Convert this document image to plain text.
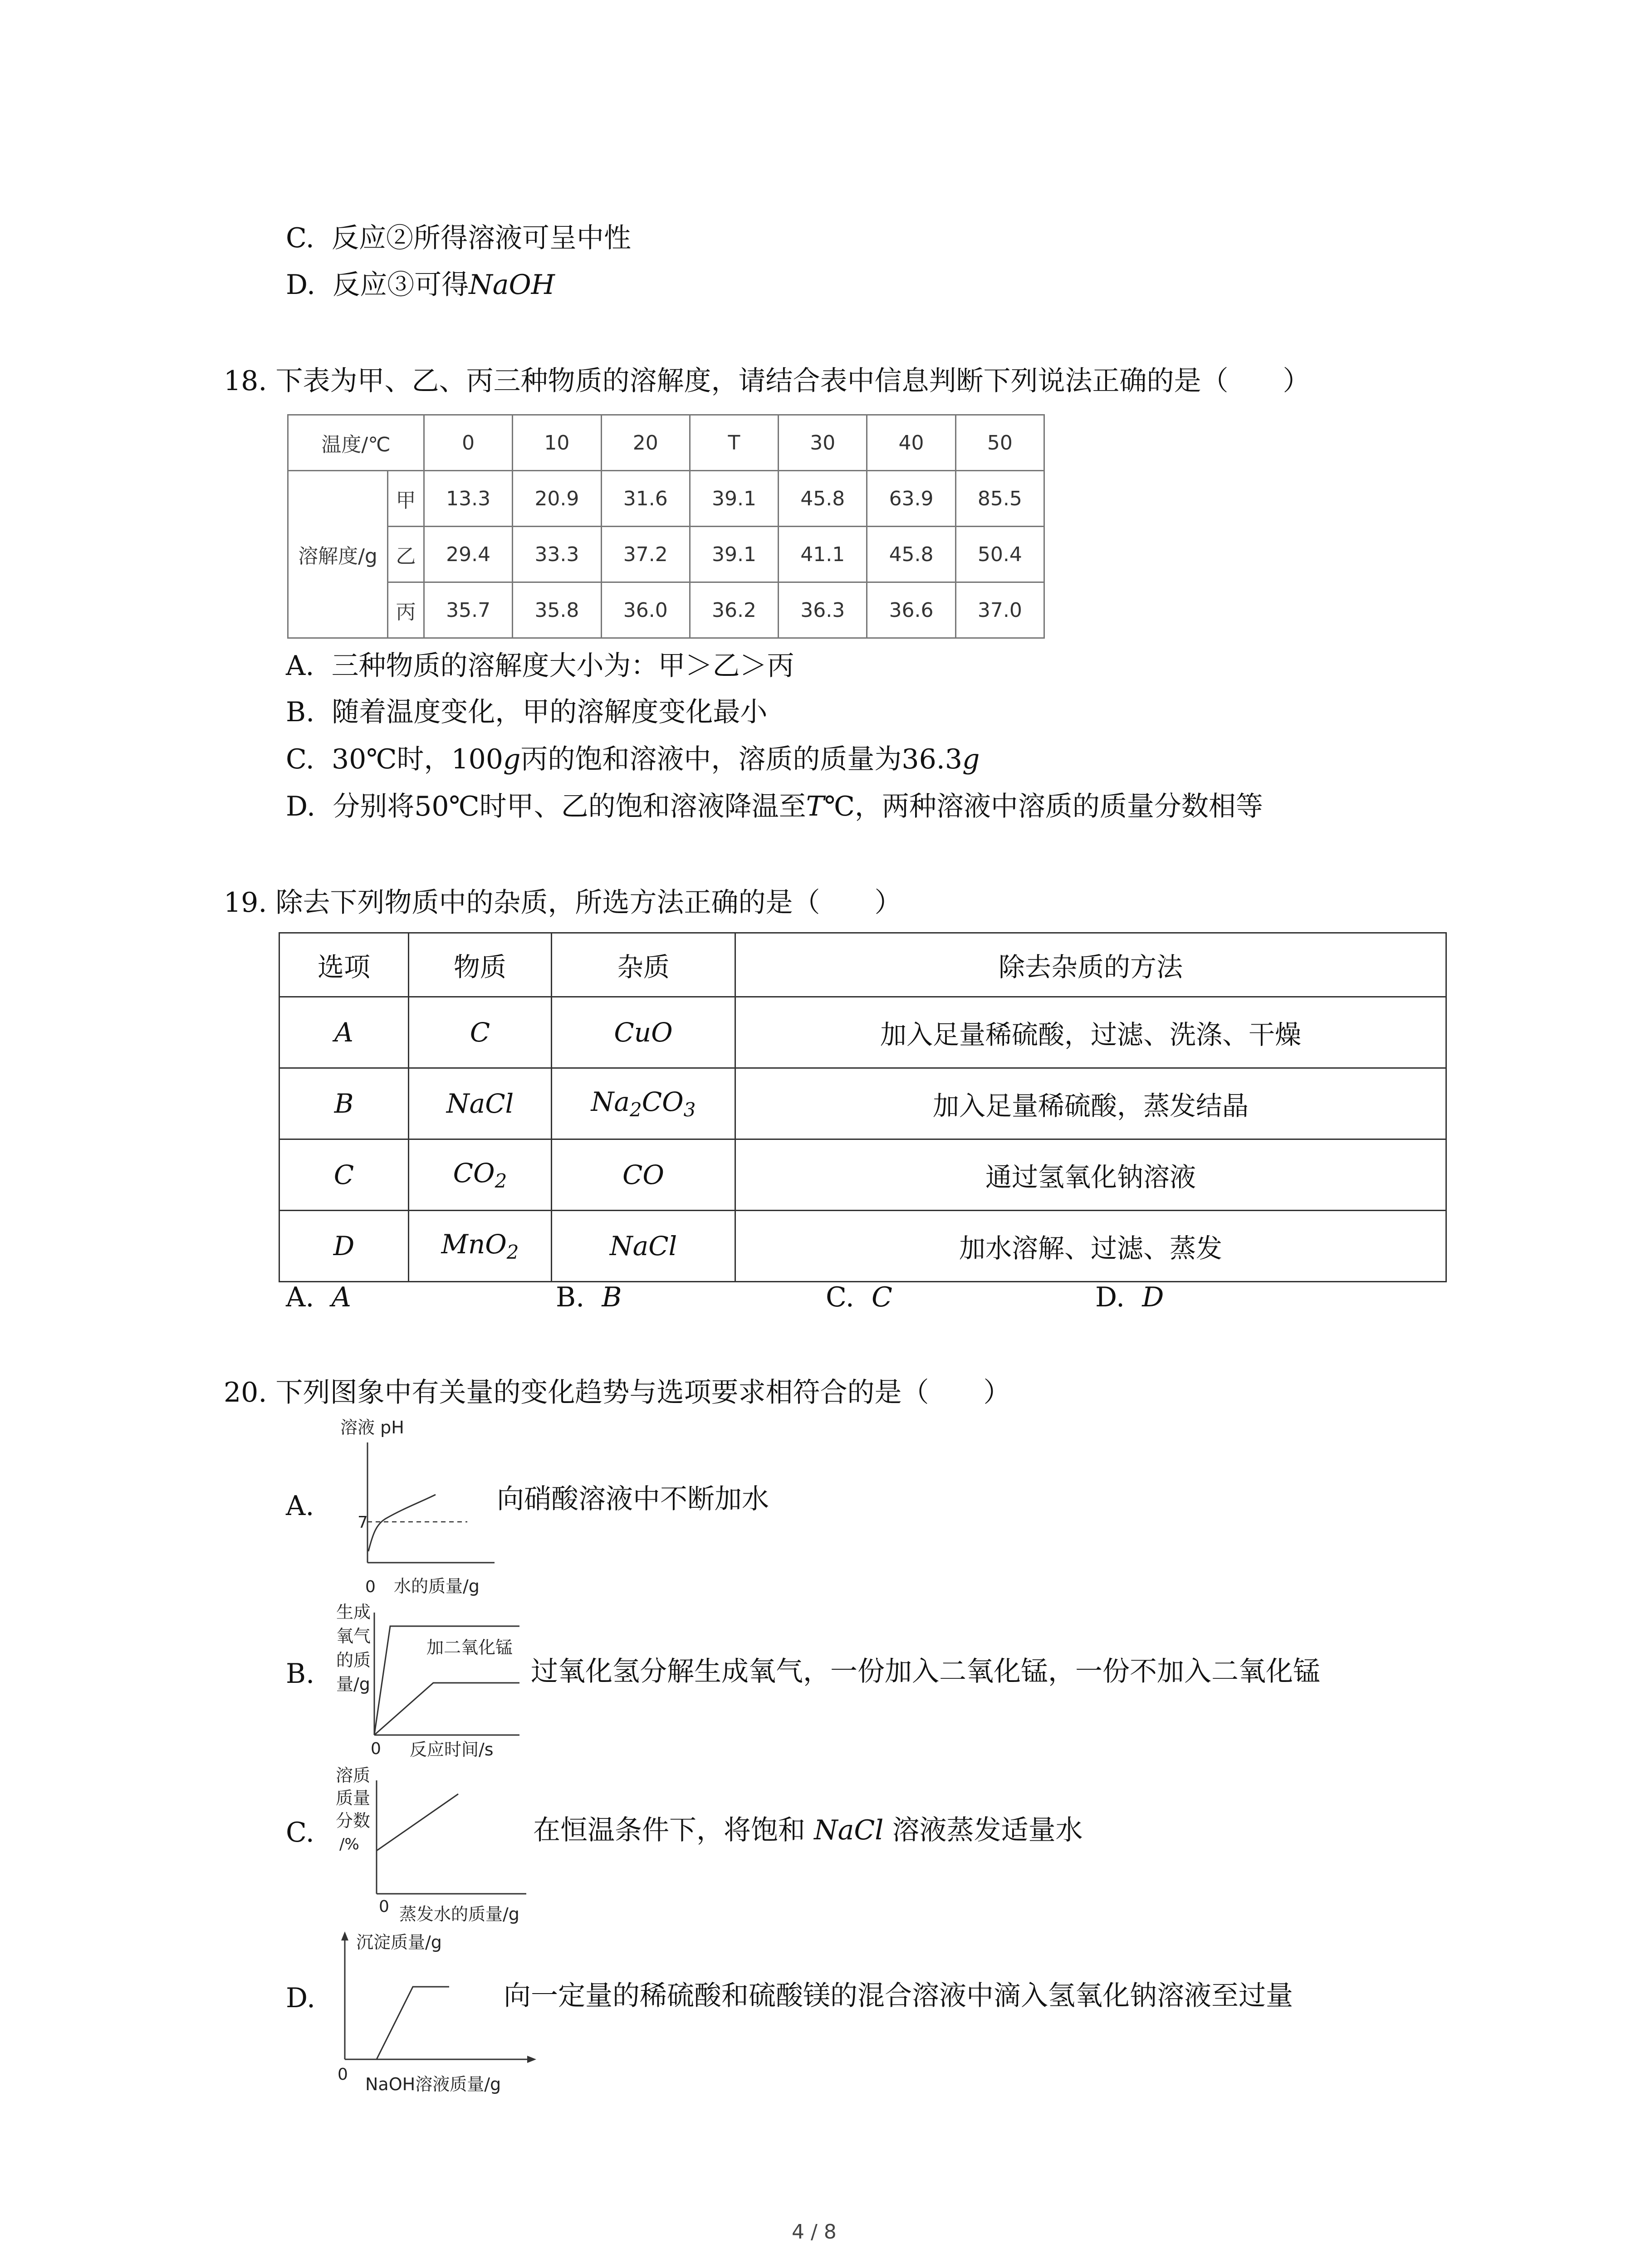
C. 反应②所得溶液可呈中性
D. 反应③可得NaOH
18. 下表为甲、乙、丙三种物质的溶解度，请结合表中信息判断下列说法正确的是（　　）
温度/℃		0	10	20	T	30	40	50
溶解度/g	甲	13.3	20.9	31.6	39.1	45.8	63.9	85.5
	乙	29.4	33.3	37.2	39.1	41.1	45.8	50.4
	丙	35.7	35.8	36.0	36.2	36.3	36.6	37.0
A. 三种物质的溶解度大小为：甲＞乙＞丙
B. 随着温度变化，甲的溶解度变化最小
C. 30℃时，100g丙的饱和溶液中，溶质的质量为36.3g
D. 分别将50℃时甲、乙的饱和溶液降温至T℃，两种溶液中溶质的质量分数相等
19. 除去下列物质中的杂质，所选方法正确的是（　　）
选项	物质	杂质	除去杂质的方法
A	C	CuO	加入足量稀硫酸，过滤、洗涤、干燥
B	NaCl	$Na_2CO_3$	加入足量稀硫酸，蒸发结晶
C	$CO_2$	CO	通过氢氧化钠溶液
D	MnO$_2$	NaCl	加水溶解、过滤、蒸发
A. A	B. B	C. C	D. D
20. 下列图象中有关量的变化趋势与选项要求相符合的是（　　）
A.
溶液 pH
7
0 水的质量/g
向硝酸溶液中不断加水
B.
生成
氧气
的质
量/g
加二氧化锰
0 反应时间/s
过氧化氢分解生成氧气，一份加入二氧化锰，一份不加入二氧化锰
C.
溶质
质量
分数
/%
0 蒸发水的质量/g
在恒温条件下，将饱和 NaCl 溶液蒸发适量水
D.
沉淀质量/g
0 NaOH溶液质量/g
向一定量的稀硫酸和硫酸镁的混合溶液中滴入氢氧化钠溶液至过量
4 / 8
